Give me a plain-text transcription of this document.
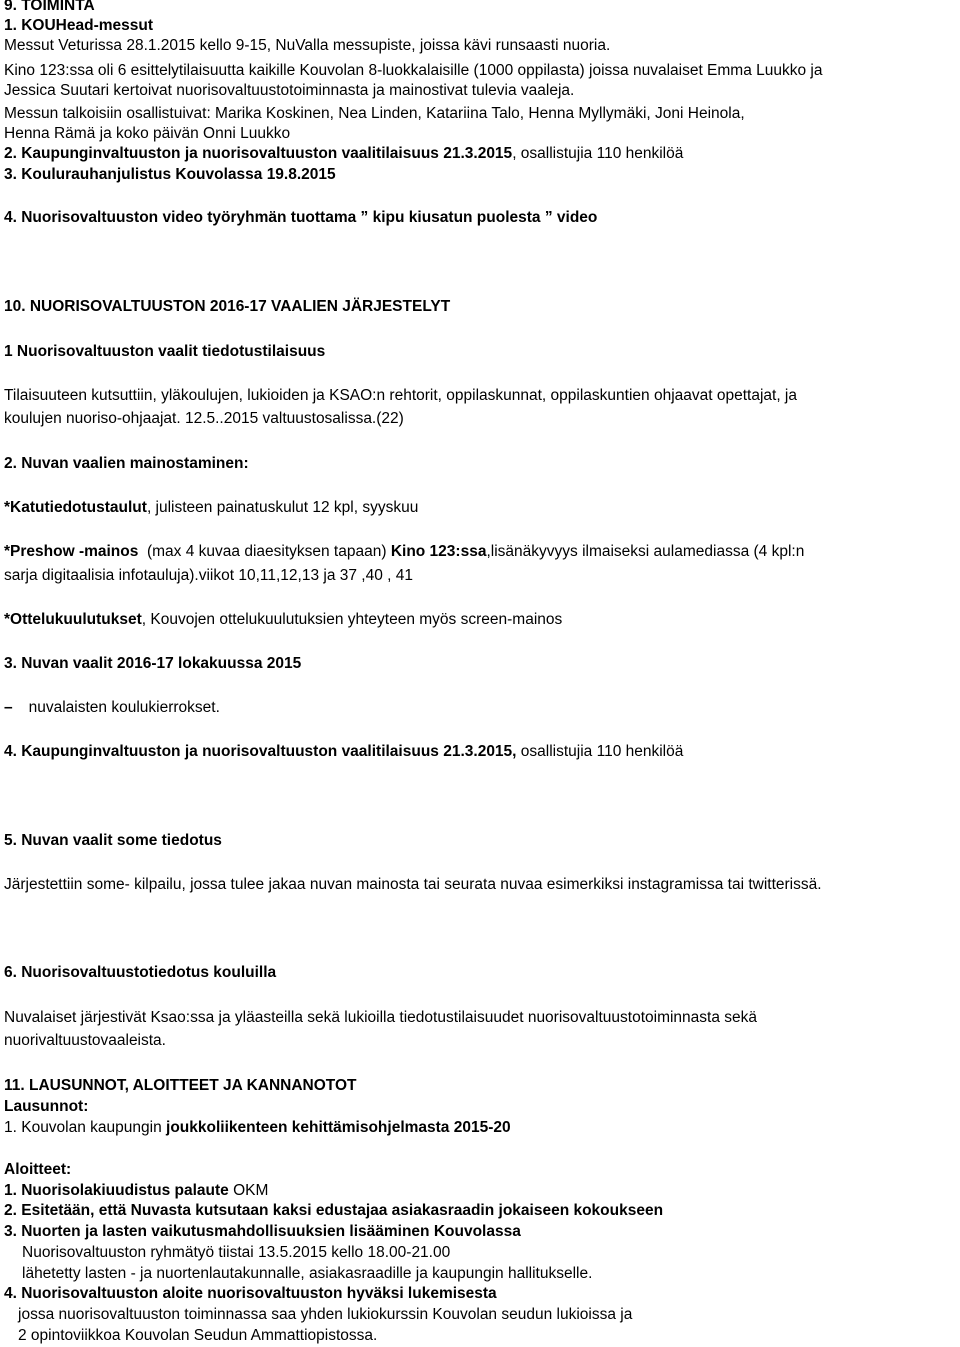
9. TOIMINTA
1. KOUHead-messut
Messut Veturissa 28.1.2015 kello 9-15, NuValla messupiste, joissa kävi runsaasti nuoria.
Kino 123:ssa oli 6 esittelytilaisuutta kaikille Kouvolan 8-luokkalaisille (1000 oppilasta) joissa nuvalaiset Emma Luukko ja
Jessica Suutari kertoivat nuorisovaltuustotoiminnasta ja mainostivat tulevia vaaleja.
Messun talkoisiin osallistuivat: Marika Koskinen, Nea Linden, Katariina Talo, Henna Myllymäki, Joni Heinola,
Henna Rämä ja koko päivän Onni Luukko
2. Kaupunginvaltuuston ja nuorisovaltuuston vaalitilaisuus 21.3.2015, osallistujia 110 henkilöä
3. Koulurauhanjulistus Kouvolassa 19.8.2015
4. Nuorisovaltuuston video työryhmän tuottama ” kipu kiusatun puolesta ” video
10. NUORISOVALTUUSTON 2016-17 VAALIEN JÄRJESTELYT
1 Nuorisovaltuuston vaalit tiedotustilaisuus
Tilaisuuteen kutsuttiin, yläkoulujen, lukioiden ja KSAO:n rehtorit, oppilaskunnat, oppilaskuntien ohjaavat opettajat, ja
koulujen nuoriso-ohjaajat. 12.5..2015 valtuustosalissa.(22)
2. Nuvan vaalien mainostaminen:
*Katutiedotustaulut, julisteen painatuskulut 12 kpl, syyskuu
*Preshow -mainos  (max 4 kuvaa diaesityksen tapaan) Kino 123:ssa,lisänäkyvyys ilmaiseksi aulamediassa (4 kpl:n
sarja digitaalisia infotauluja).viikot 10,11,12,13 ja 37 ,40 , 41
*Ottelukuulutukset, Kouvojen ottelukuulutuksien yhteyteen myös screen-mainos
3. Nuvan vaalit 2016-17 lokakuussa 2015
– nuvalaisten koulukierrokset.
4. Kaupunginvaltuuston ja nuorisovaltuuston vaalitilaisuus 21.3.2015, osallistujia 110 henkilöä
5. Nuvan vaalit some tiedotus
Järjestettiin some- kilpailu, jossa tulee jakaa nuvan mainosta tai seurata nuvaa esimerkiksi instagramissa tai twitterissä.
6. Nuorisovaltuustotiedotus kouluilla
Nuvalaiset järjestivät Ksao:ssa ja yläasteilla sekä lukioilla tiedotustilaisuudet nuorisovaltuustotoiminnasta sekä
nuorivaltuustovaaleista.
11. LAUSUNNOT, ALOITTEET JA KANNANOTOT
Lausunnot:
1. Kouvolan kaupungin joukkoliikenteen kehittämisohjelmasta 2015-20
Aloitteet:
1. Nuorisolakiuudistus palaute OKM
2. Esitetään, että Nuvasta kutsutaan kaksi edustajaa asiakasraadin jokaiseen kokoukseen
3. Nuorten ja lasten vaikutusmahdollisuuksien lisääminen Kouvolassa
Nuorisovaltuuston ryhmätyö tiistai 13.5.2015 kello 18.00-21.00
lähetetty lasten - ja nuortenlautakunnalle, asiakasraadille ja kaupungin hallitukselle.
4. Nuorisovaltuuston aloite nuorisovaltuuston hyväksi lukemisesta
jossa nuorisovaltuuston toiminnassa saa yhden lukiokurssin Kouvolan seudun lukioissa ja
2 opintoviikkoa Kouvolan Seudun Ammattiopistossa.
